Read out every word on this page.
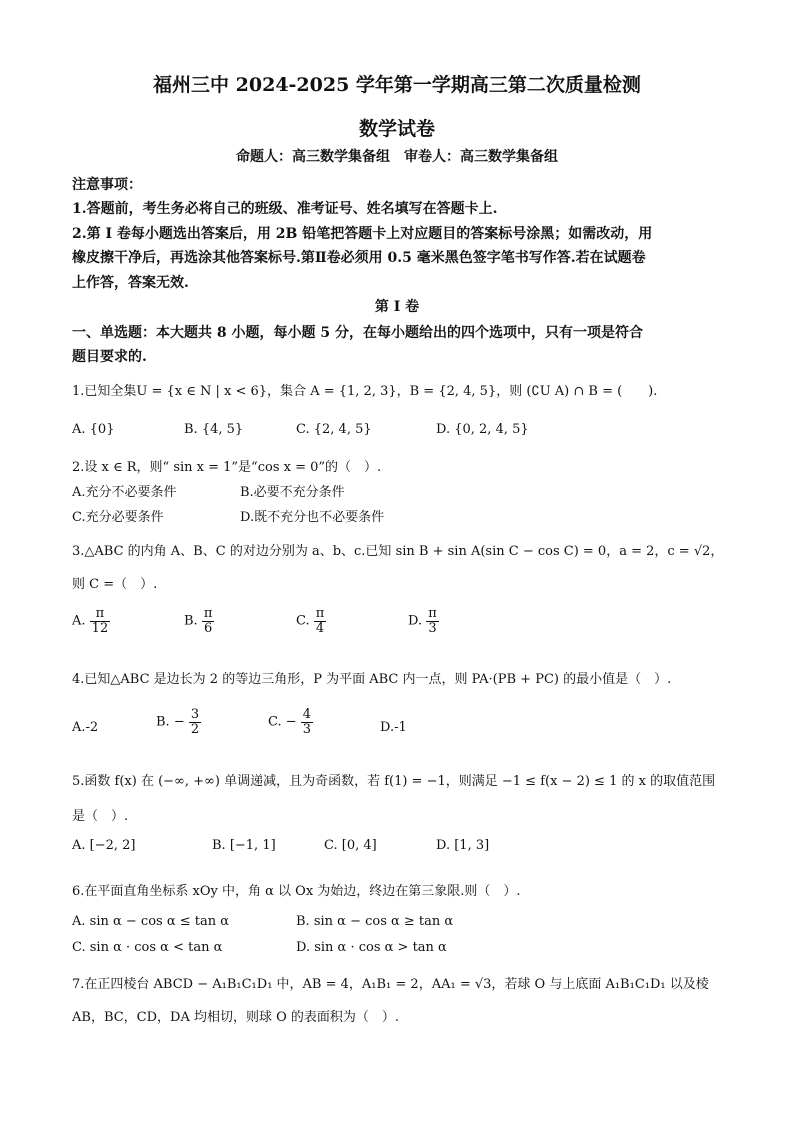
福州三中 2024-2025 学年第一学期高三第二次质量检测
数学试卷
命题人：高三数学集备组　审卷人：高三数学集备组
注意事项：
1.答题前，考生务必将自己的班级、准考证号、姓名填写在答题卡上.
2.第 I 卷每小题选出答案后，用 2B 铅笔把答题卡上对应题目的答案标号涂黑；如需改动，用
橡皮擦干净后，再选涂其他答案标号.第Ⅱ卷必须用 0.5 毫米黑色签字笔书写作答.若在试题卷
上作答，答案无效.
第 I 卷
一、单选题：本大题共 8 小题，每小题 5 分，在每小题给出的四个选项中，只有一项是符合
题目要求的.
1.已知全集U = {x ∈ N | x < 6}，集合 A = {1, 2, 3}，B = {2, 4, 5}，则 (∁U A) ∩ B = (　　).
A. {0}	B. {4, 5}	C. {2, 4, 5}	D. {0, 2, 4, 5}
2.设 x ∈ R，则“ sin x = 1”是“cos x = 0”的（　）.
A.充分不必要条件	B.必要不充分条件
C.充分必要条件	D.既不充分也不必要条件
3.△ABC 的内角 A、B、C 的对边分别为 a、b、c.已知 sin B + sin A(sin C − cos C) = 0，a = 2，c = √2，
则 C =（　）.
A. $\frac{\pi}{12}$	B. $\frac{\pi}{6}$	C. $\frac{\pi}{4}$	D. $\frac{\pi}{3}$
4.已知△ABC 是边长为 2 的等边三角形，P 为平面 ABC 内一点，则 PA·(PB + PC) 的最小值是（　）.
A.-2	B. − $\frac{3}{2}$	C. − $\frac{4}{3}$	D.-1
5.函数 f(x) 在 (−∞, +∞) 单调递减，且为奇函数，若 f(1) = −1，则满足 −1 ≤ f(x − 2) ≤ 1 的 x 的取值范围
是（　）.
A. [−2, 2]	B. [−1, 1]	C. [0, 4]	D. [1, 3]
6.在平面直角坐标系 xOy 中，角 α 以 Ox 为始边，终边在第三象限.则（　）.
A. sin α − cos α ≤ tan α	B. sin α − cos α ≥ tan α
C. sin α · cos α < tan α	D. sin α · cos α > tan α
7.在正四棱台 ABCD − A₁B₁C₁D₁ 中，AB = 4，A₁B₁ = 2，AA₁ = √3，若球 O 与上底面 A₁B₁C₁D₁ 以及棱
AB，BC，CD，DA 均相切，则球 O 的表面积为（　）.
